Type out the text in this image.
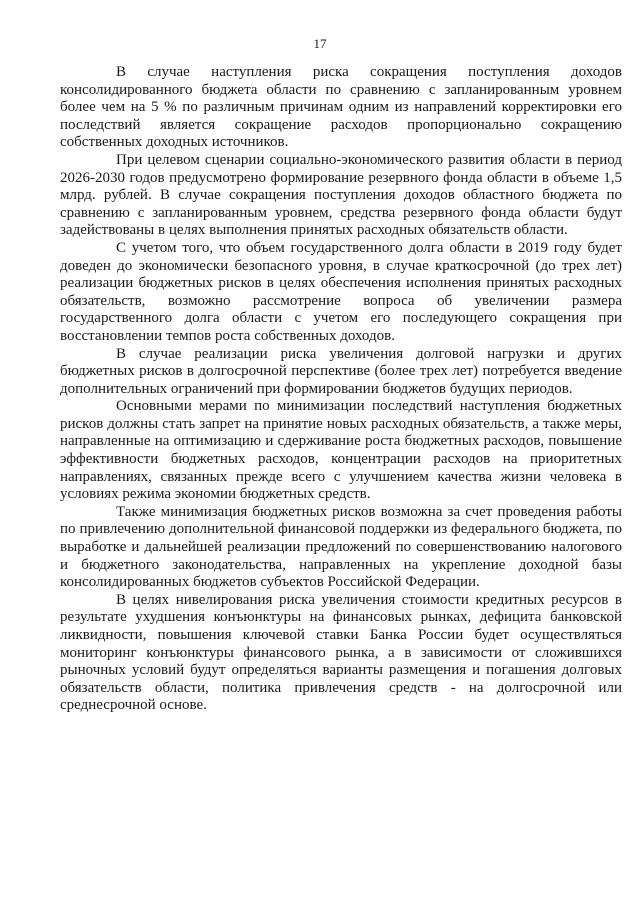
17

В случае наступления риска сокращения поступления доходов консолидированного бюджета области по сравнению с запланированным уровнем более чем на 5 % по различным причинам одним из направлений корректировки его последствий является сокращение расходов пропорционально сокращению собственных доходных источников.

При целевом сценарии социально-экономического развития области в период 2026-2030 годов предусмотрено формирование резервного фонда области в объеме 1,5 млрд. рублей. В случае сокращения поступления доходов областного бюджета по сравнению с запланированным уровнем, средства резервного фонда области будут задействованы в целях выполнения принятых расходных обязательств области.

С учетом того, что объем государственного долга области в 2019 году будет доведен до экономически безопасного уровня, в случае краткосрочной (до трех лет) реализации бюджетных рисков в целях обеспечения исполнения принятых расходных обязательств, возможно рассмотрение вопроса об увеличении размера государственного долга области с учетом его последующего сокращения при восстановлении темпов роста собственных доходов.

В случае реализации риска увеличения долговой нагрузки и других бюджетных рисков в долгосрочной перспективе (более трех лет) потребуется введение дополнительных ограничений при формировании бюджетов будущих периодов.

Основными мерами по минимизации последствий наступления бюджетных рисков должны стать запрет на принятие новых расходных обязательств, а также меры, направленные на оптимизацию и сдерживание роста бюджетных расходов, повышение эффективности бюджетных расходов, концентрации расходов на приоритетных направлениях, связанных прежде всего с улучшением качества жизни человека в условиях режима экономии бюджетных средств.

Также минимизация бюджетных рисков возможна за счет проведения работы по привлечению дополнительной финансовой поддержки из федерального бюджета, по выработке и дальнейшей реализации предложений по совершенствованию налогового и бюджетного законодательства, направленных на укрепление доходной базы консолидированных бюджетов субъектов Российской Федерации.

В целях нивелирования риска увеличения стоимости кредитных ресурсов в результате ухудшения конъюнктуры на финансовых рынках, дефицита банковской ликвидности, повышения ключевой ставки Банка России будет осуществляться мониторинг конъюнктуры финансового рынка, а в зависимости от сложившихся рыночных условий будут определяться варианты размещения и погашения долговых обязательств области, политика привлечения средств - на долгосрочной или среднесрочной основе.
